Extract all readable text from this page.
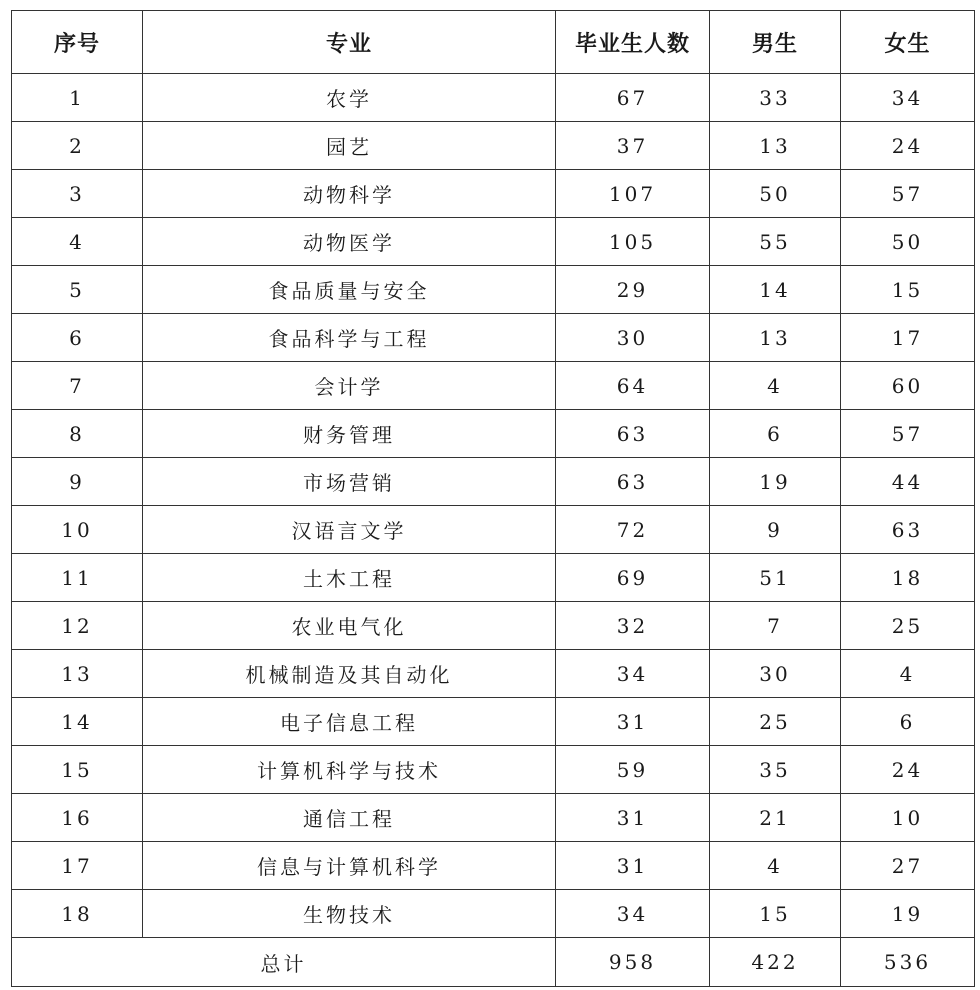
序号	专业	毕业生人数	男生	女生
1	农学	67	33	34
2	园艺	37	13	24
3	动物科学	107	50	57
4	动物医学	105	55	50
5	食品质量与安全	29	14	15
6	食品科学与工程	30	13	17
7	会计学	64	4	60
8	财务管理	63	6	57
9	市场营销	63	19	44
10	汉语言文学	72	9	63
11	土木工程	69	51	18
12	农业电气化	32	7	25
13	机械制造及其自动化	34	30	4
14	电子信息工程	31	25	6
15	计算机科学与技术	59	35	24
16	通信工程	31	21	10
17	信息与计算机科学	31	4	27
18	生物技术	34	15	19
总计		958	422	536
